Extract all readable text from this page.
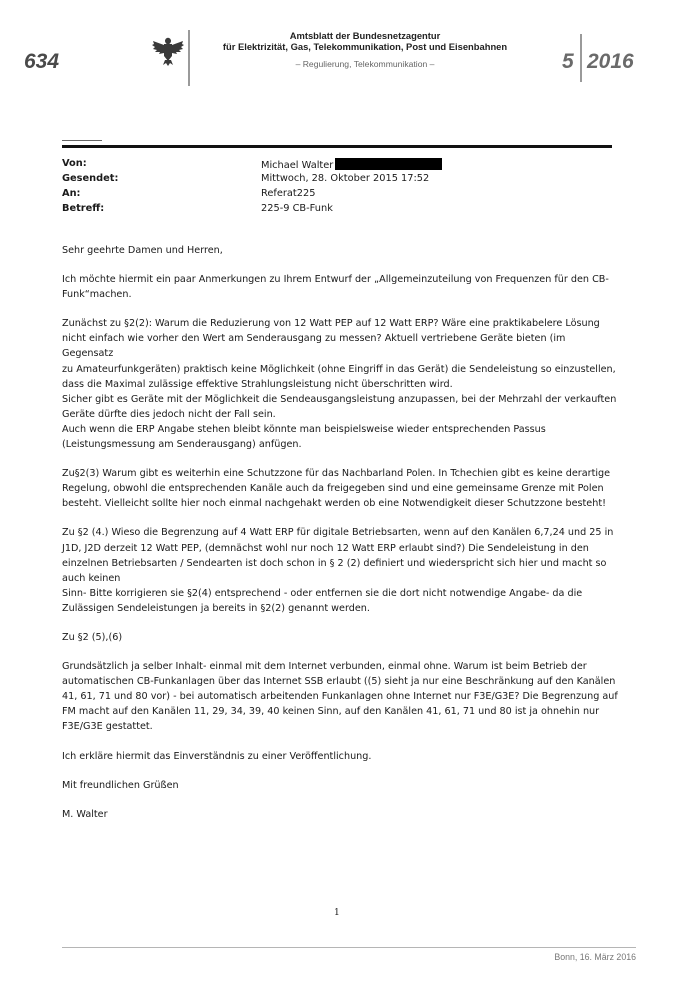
634
Amtsblatt der Bundesnetzagentur
für Elektrizität, Gas, Telekommunikation, Post und Eisenbahnen
– Regulierung, Telekommunikation –	5 2016
Von:	Michael Walter
Gesendet:	Mittwoch, 28. Oktober 2015 17:52
An:	Referat225
Betreff:	225-9 CB-Funk

Sehr geehrte Damen und Herren,

Ich möchte hiermit ein paar Anmerkungen zu Ihrem Entwurf der „Allgemeinzuteilung von Frequenzen für den CB-

Funk“machen.

Zunächst zu §2(2): Warum die Reduzierung von 12 Watt PEP auf 12 Watt ERP? Wäre eine praktikabelere Lösung

nicht einfach wie vorher den Wert am Senderausgang zu messen? Aktuell vertriebene Geräte bieten (im Gegensatz

zu Amateurfunkgeräten) praktisch keine Möglichkeit (ohne Eingriff in das Gerät) die Sendeleistung so einzustellen,

dass die Maximal zulässige effektive Strahlungsleistung nicht überschritten wird.

Sicher gibt es Geräte mit der Möglichkeit die Sendeausgangsleistung anzupassen, bei der Mehrzahl der verkauften

Geräte dürfte dies jedoch nicht der Fall sein.

Auch wenn die ERP Angabe stehen bleibt könnte man beispielsweise wieder entsprechenden Passus

(Leistungsmessung am Senderausgang) anfügen.

Zu§2(3) Warum gibt es weiterhin eine Schutzzone für das Nachbarland Polen. In Tchechien gibt es keine derartige

Regelung, obwohl die entsprechenden Kanäle auch da freigegeben sind und eine gemeinsame Grenze mit Polen

besteht. Vielleicht sollte hier noch einmal nachgehakt werden ob eine Notwendigkeit dieser Schutzzone besteht!

Zu §2 (4.) Wieso die Begrenzung auf 4 Watt ERP für digitale Betriebsarten, wenn auf den Kanälen 6,7,24 und 25 in

J1D, J2D derzeit 12 Watt PEP, (demnächst wohl nur noch 12 Watt ERP erlaubt sind?) Die Sendeleistung in den

einzelnen Betriebsarten / Sendearten ist doch schon in § 2 (2) definiert und wiederspricht sich hier und macht so

auch keinen

Sinn- Bitte korrigieren sie §2(4) entsprechend - oder entfernen sie die dort nicht notwendige Angabe- da die

Zulässigen Sendeleistungen ja bereits in §2(2) genannt werden.

Zu §2 (5),(6)

Grundsätzlich ja selber Inhalt- einmal mit dem Internet verbunden, einmal ohne. Warum ist beim Betrieb der

automatischen CB-Funkanlagen über das Internet SSB erlaubt ((5) sieht ja nur eine Beschränkung auf den Kanälen

41, 61, 71 und 80 vor) - bei automatisch arbeitenden Funkanlagen ohne Internet nur F3E/G3E? Die Begrenzung auf

FM macht auf den Kanälen 11, 29, 34, 39, 40 keinen Sinn, auf den Kanälen 41, 61, 71 und 80 ist ja ohnehin nur

F3E/G3E gestattet.

Ich erkläre hiermit das Einverständnis zu einer Veröffentlichung.

Mit freundlichen Grüßen

M. Walter

1
Bonn, 16. März 2016
